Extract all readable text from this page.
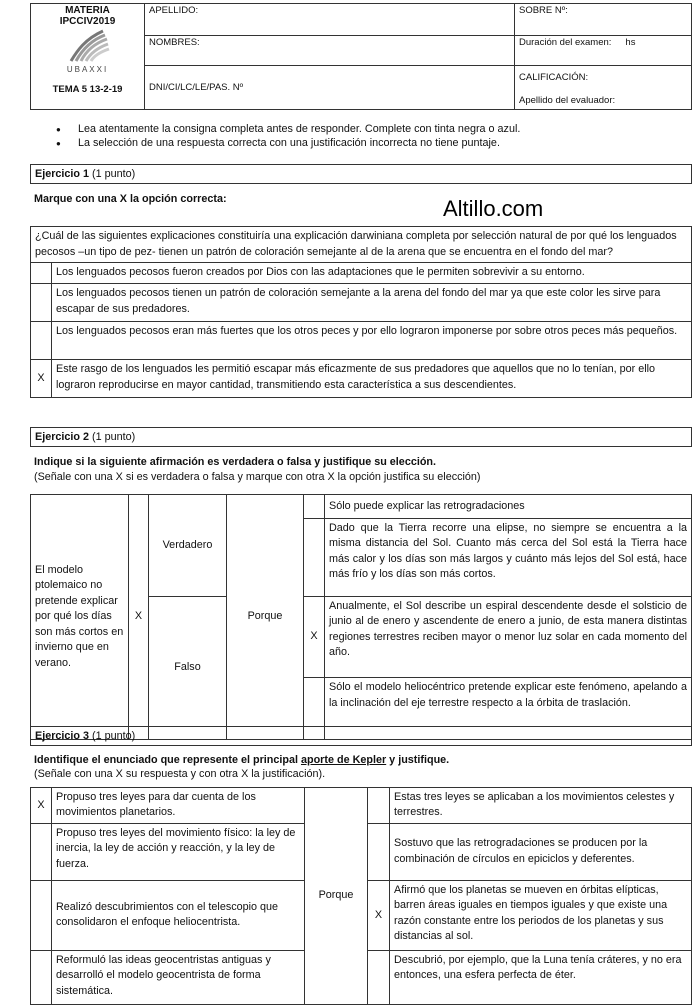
MATERIA
IPCCIV2019
UBAXXI
TEMA 5 13-2-19	APELLIDO:	SOBRE Nº:
	NOMBRES:	Duración del examen: hs
	DNI/CI/LC/LE/PAS. Nº	CALIFICACIÓN:
Apellido del evaluador:
● Lea atentamente la consigna completa antes de responder. Complete con tinta negra o azul.
● La selección de una respuesta correcta con una justificación incorrecta no tiene puntaje.
Ejercicio 1 (1 punto)
Marque con una X la opción correcta:	Altillo.com
¿Cuál de las siguientes explicaciones constituiría una explicación darwiniana completa por selección natural de por qué los lenguados pecosos –un tipo de pez- tienen un patrón de coloración semejante al de la arena que se encuentra en el fondo del mar?	
	Los lenguados pecosos fueron creados por Dios con las adaptaciones que le permiten sobrevivir a su entorno.
	Los lenguados pecosos tienen un patrón de coloración semejante a la arena del fondo del mar ya que este color les sirve para escapar de sus predadores.
	Los lenguados pecosos eran más fuertes que los otros peces y por ello lograron imponerse por sobre otros peces más pequeños.
X	Este rasgo de los lenguados les permitió escapar más eficazmente de sus predadores que aquellos que no lo tenían, por ello lograron reproducirse en mayor cantidad, transmitiendo esta característica a sus descendientes.
Ejercicio 2 (1 punto)
Indique si la siguiente afirmación es verdadera o falsa y justifique su elección.
(Señale con una X si es verdadera o falsa y marque con otra X la opción justifica su elección)
El modelo ptolemaico no pretende explicar por qué los días son más cortos en invierno que en verano.	X	Verdadero	Porque		Sólo puede explicar las retrogradaciones
					Dado que la Tierra recorre una elipse, no siempre se encuentra a la misma distancia del Sol. Cuanto más cerca del Sol está la Tierra hace más calor y los días son más largos y cuánto más lejos del Sol está, hace más frío y los días son más cortos.

		Falso		X	Anualmente, el Sol describe un espiral descendente desde el solsticio de junio al de enero y ascendente de enero a junio, de esta manera distintas regiones terrestres reciben mayor o menor luz solar en cada momento del año.
					Sólo el modelo heliocéntrico pretende explicar este fenómeno, apelando a la inclinación del eje terrestre respecto a la órbita de traslación.
Ejercicio 3 (1 punto)
Identifique el enunciado que represente el principal aporte de Kepler y justifique.
(Señale con una X su respuesta y con otra X la justificación).
X	Propuso tres leyes para dar cuenta de los movimientos planetarios.	Porque		Estas tres leyes se aplicaban a los movimientos celestes y terrestres.
	Propuso tres leyes del movimiento físico: la ley de inercia, la ley de acción y reacción, y la ley de fuerza.			Sostuvo que las retrogradaciones se producen por la combinación de círculos en epiciclos y deferentes.
	Realizó descubrimientos con el telescopio que consolidaron el enfoque heliocentrista.		X	Afirmó que los planetas se mueven en órbitas elípticas, barren áreas iguales en tiempos iguales y que existe una razón constante entre los periodos de los planetas y sus distancias al sol.
	Reformuló las ideas geocentristas antiguas y desarrolló el modelo geocentrista de forma sistemática.			Descubrió, por ejemplo, que la Luna tenía cráteres, y no era entonces, una esfera perfecta de éter.
